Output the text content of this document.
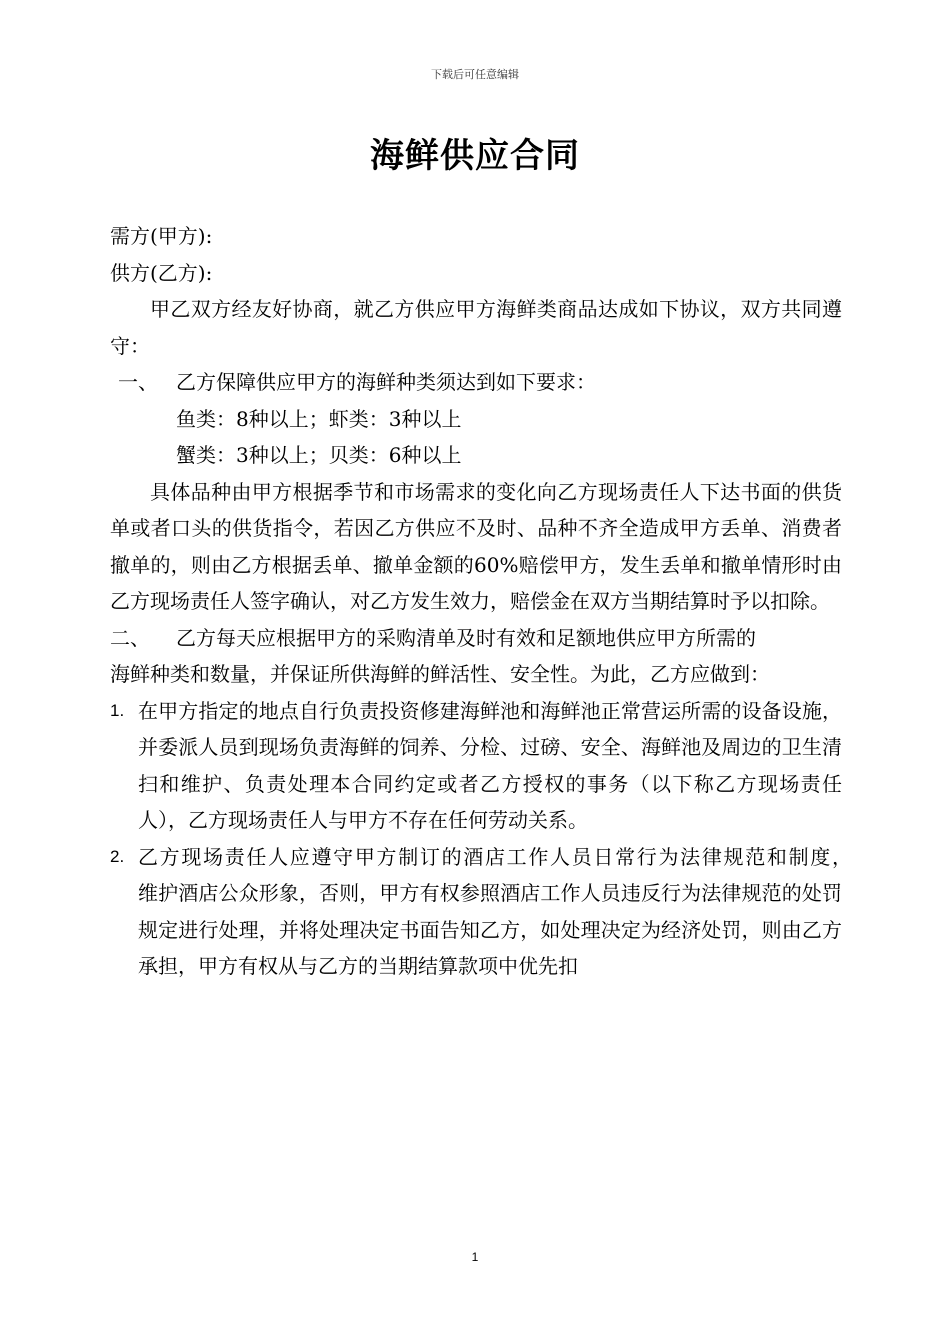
下载后可任意编辑
海鲜供应合同
需方(甲方):
供方(乙方):
甲乙双方经友好协商，就乙方供应甲方海鲜类商品达成如下协议，双方共同遵守：
一、 乙方保障供应甲方的海鲜种类须达到如下要求：
鱼类：8种以上；虾类：3种以上
蟹类：3种以上；贝类：6种以上
具体品种由甲方根据季节和市场需求的变化向乙方现场责任人下达书面的供货单或者口头的供货指令，若因乙方供应不及时、品种不齐全造成甲方丢单、消费者撤单的，则由乙方根据丢单、撤单金额的60%赔偿甲方，发生丢单和撤单情形时由乙方现场责任人签字确认，对乙方发生效力，赔偿金在双方当期结算时予以扣除。
二、	乙方每天应根据甲方的采购清单及时有效和足额地供应甲方所需的
海鲜种类和数量，并保证所供海鲜的鲜活性、安全性。为此，乙方应做到：
1. 在甲方指定的地点自行负责投资修建海鲜池和海鲜池正常营运所需的设备设施，并委派人员到现场负责海鲜的饲养、分检、过磅、安全、海鲜池及周边的卫生清扫和维护、负责处理本合同约定或者乙方授权的事务（以下称乙方现场责任人），乙方现场责任人与甲方不存在任何劳动关系。
2. 乙方现场责任人应遵守甲方制订的酒店工作人员日常行为法律规范和制度，　　　维护酒店公众形象，否则，甲方有权参照酒店工作人员违反行为法律规范的处罚规定进行处理，并将处理决定书面告知乙方，如处理决定为经济处罚，则由乙方承担，甲方有权从与乙方的当期结算款项中优先扣
1
